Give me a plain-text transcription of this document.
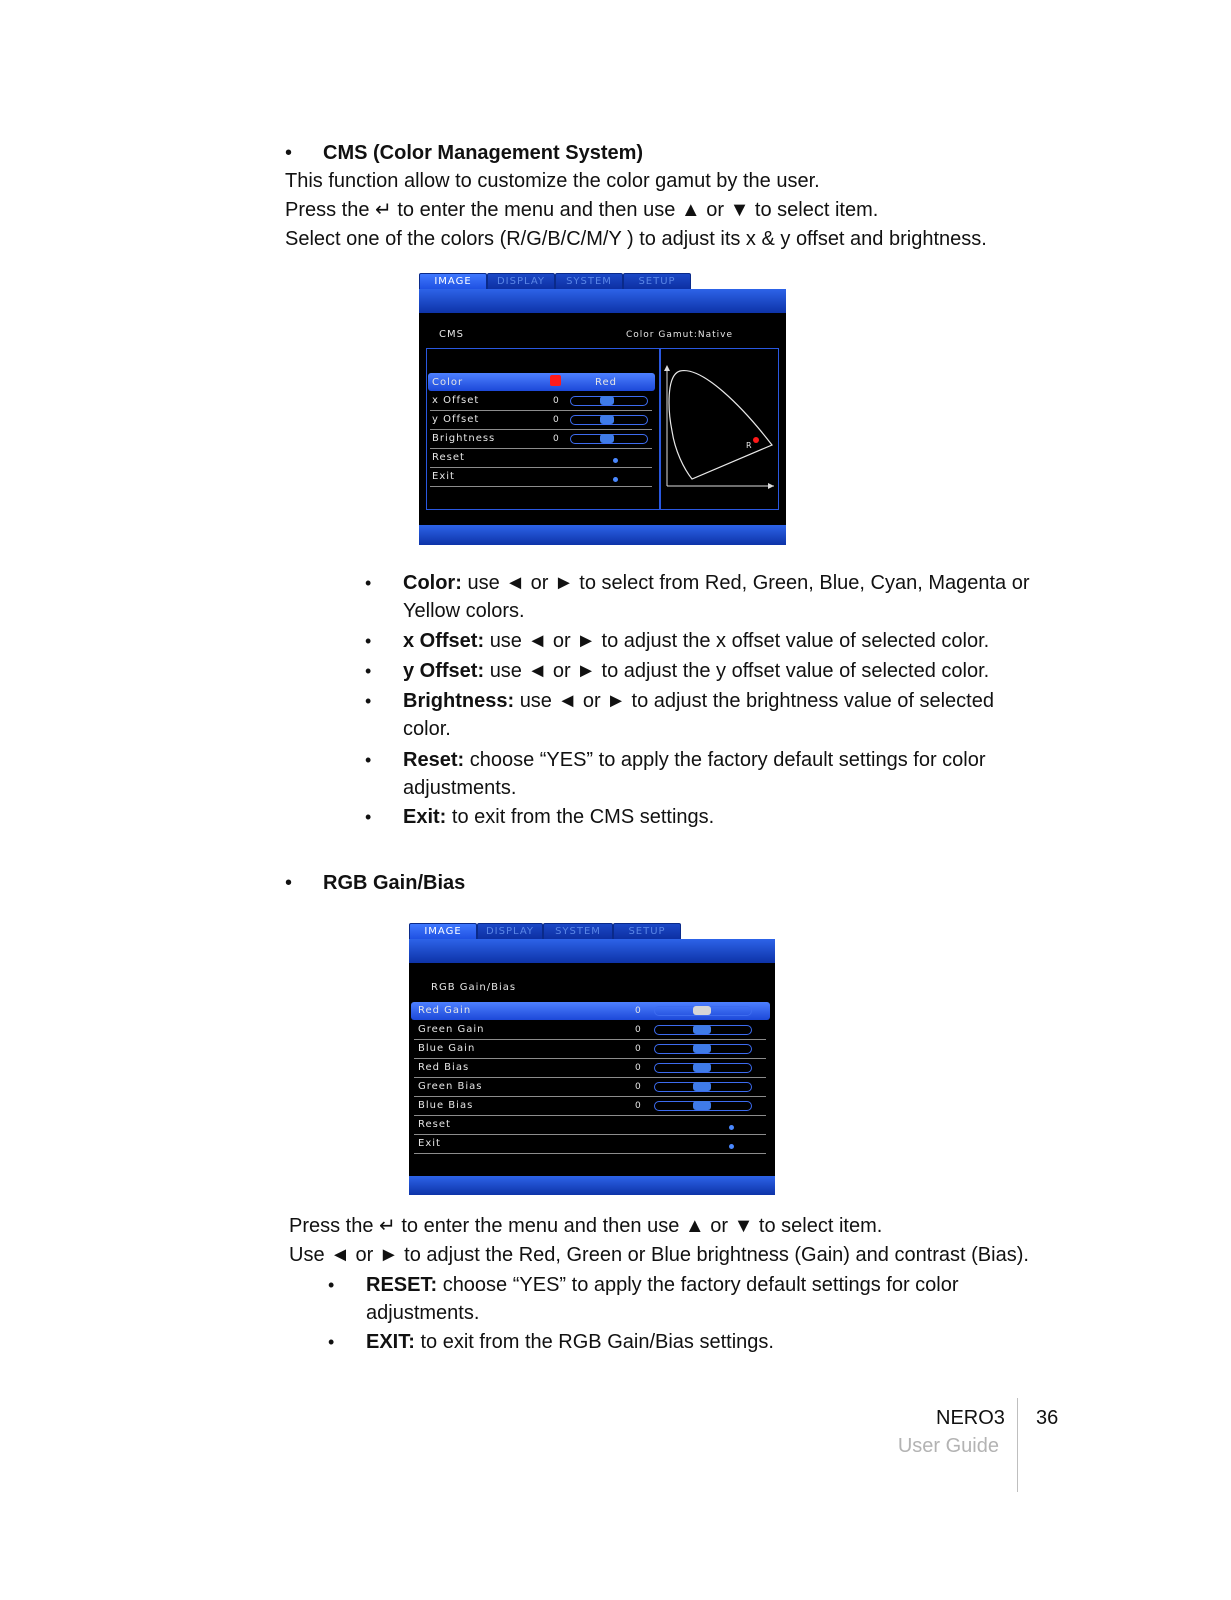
• CMS (Color Management System)
This function allow to customize the color gamut by the user.
Press the ↵ to enter the menu and then use ▲ or ▼ to select item.
Select one of the colors (R/G/B/C/M/Y ) to adjust its x & y offset and brightness.
IMAGE	DISPLAY	SYSTEM	SETUP
CMS	Color Gamut:Native
Color	Red
x Offset	0
y Offset	0
Brightness	0
Reset
Exit
R
• Color: use ◄ or ► to select from Red, Green, Blue, Cyan, Magenta or
Yellow colors.
• x Offset: use ◄ or ► to adjust the x offset value of selected color.
• y Offset: use ◄ or ► to adjust the y offset value of selected color.
• Brightness: use ◄ or ► to adjust the brightness value of selected
color.
• Reset: choose “YES” to apply the factory default settings for color
adjustments.
• Exit: to exit from the CMS settings.
• RGB Gain/Bias
IMAGE	DISPLAY	SYSTEM	SETUP
RGB Gain/Bias
Red Gain	0
Green Gain	0
Blue Gain	0
Red Bias	0
Green Bias	0
Blue Bias	0
Reset
Exit
Press the ↵ to enter the menu and then use ▲ or ▼ to select item.
Use ◄ or ► to adjust the Red, Green or Blue brightness (Gain) and contrast (Bias).
• RESET: choose “YES” to apply the factory default settings for color
adjustments.
• EXIT: to exit from the RGB Gain/Bias settings.
NERO3
User Guide
36
